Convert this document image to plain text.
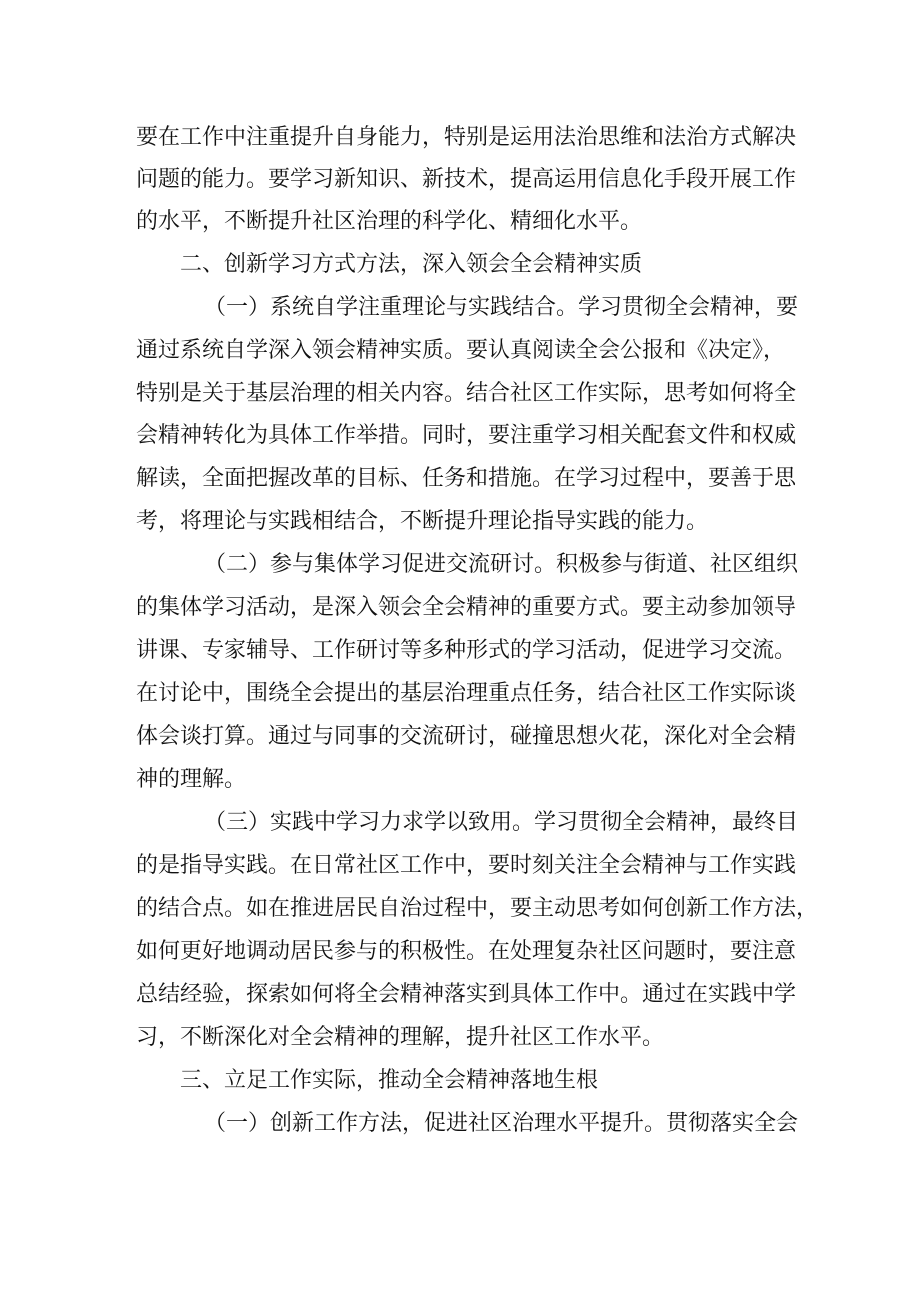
要在工作中注重提升自身能力，特别是运用法治思维和法治方式解决
问题的能力。要学习新知识、新技术，提高运用信息化手段开展工作
的水平，不断提升社区治理的科学化、精细化水平。
二、创新学习方式方法，深入领会全会精神实质
（一）系统自学注重理论与实践结合。学习贯彻全会精神，要
通过系统自学深入领会精神实质。要认真阅读全会公报和《决定》，
特别是关于基层治理的相关内容。结合社区工作实际，思考如何将全
会精神转化为具体工作举措。同时，要注重学习相关配套文件和权威
解读，全面把握改革的目标、任务和措施。在学习过程中，要善于思
考，将理论与实践相结合，不断提升理论指导实践的能力。
（二）参与集体学习促进交流研讨。积极参与街道、社区组织
的集体学习活动，是深入领会全会精神的重要方式。要主动参加领导
讲课、专家辅导、工作研讨等多种形式的学习活动，促进学习交流。
在讨论中，围绕全会提出的基层治理重点任务，结合社区工作实际谈
体会谈打算。通过与同事的交流研讨，碰撞思想火花，深化对全会精
神的理解。
（三）实践中学习力求学以致用。学习贯彻全会精神，最终目
的是指导实践。在日常社区工作中，要时刻关注全会精神与工作实践
的结合点。如在推进居民自治过程中，要主动思考如何创新工作方法，
如何更好地调动居民参与的积极性。在处理复杂社区问题时，要注意
总结经验，探索如何将全会精神落实到具体工作中。通过在实践中学
习，不断深化对全会精神的理解，提升社区工作水平。
三、立足工作实际，推动全会精神落地生根
（一）创新工作方法，促进社区治理水平提升。贯彻落实全会
